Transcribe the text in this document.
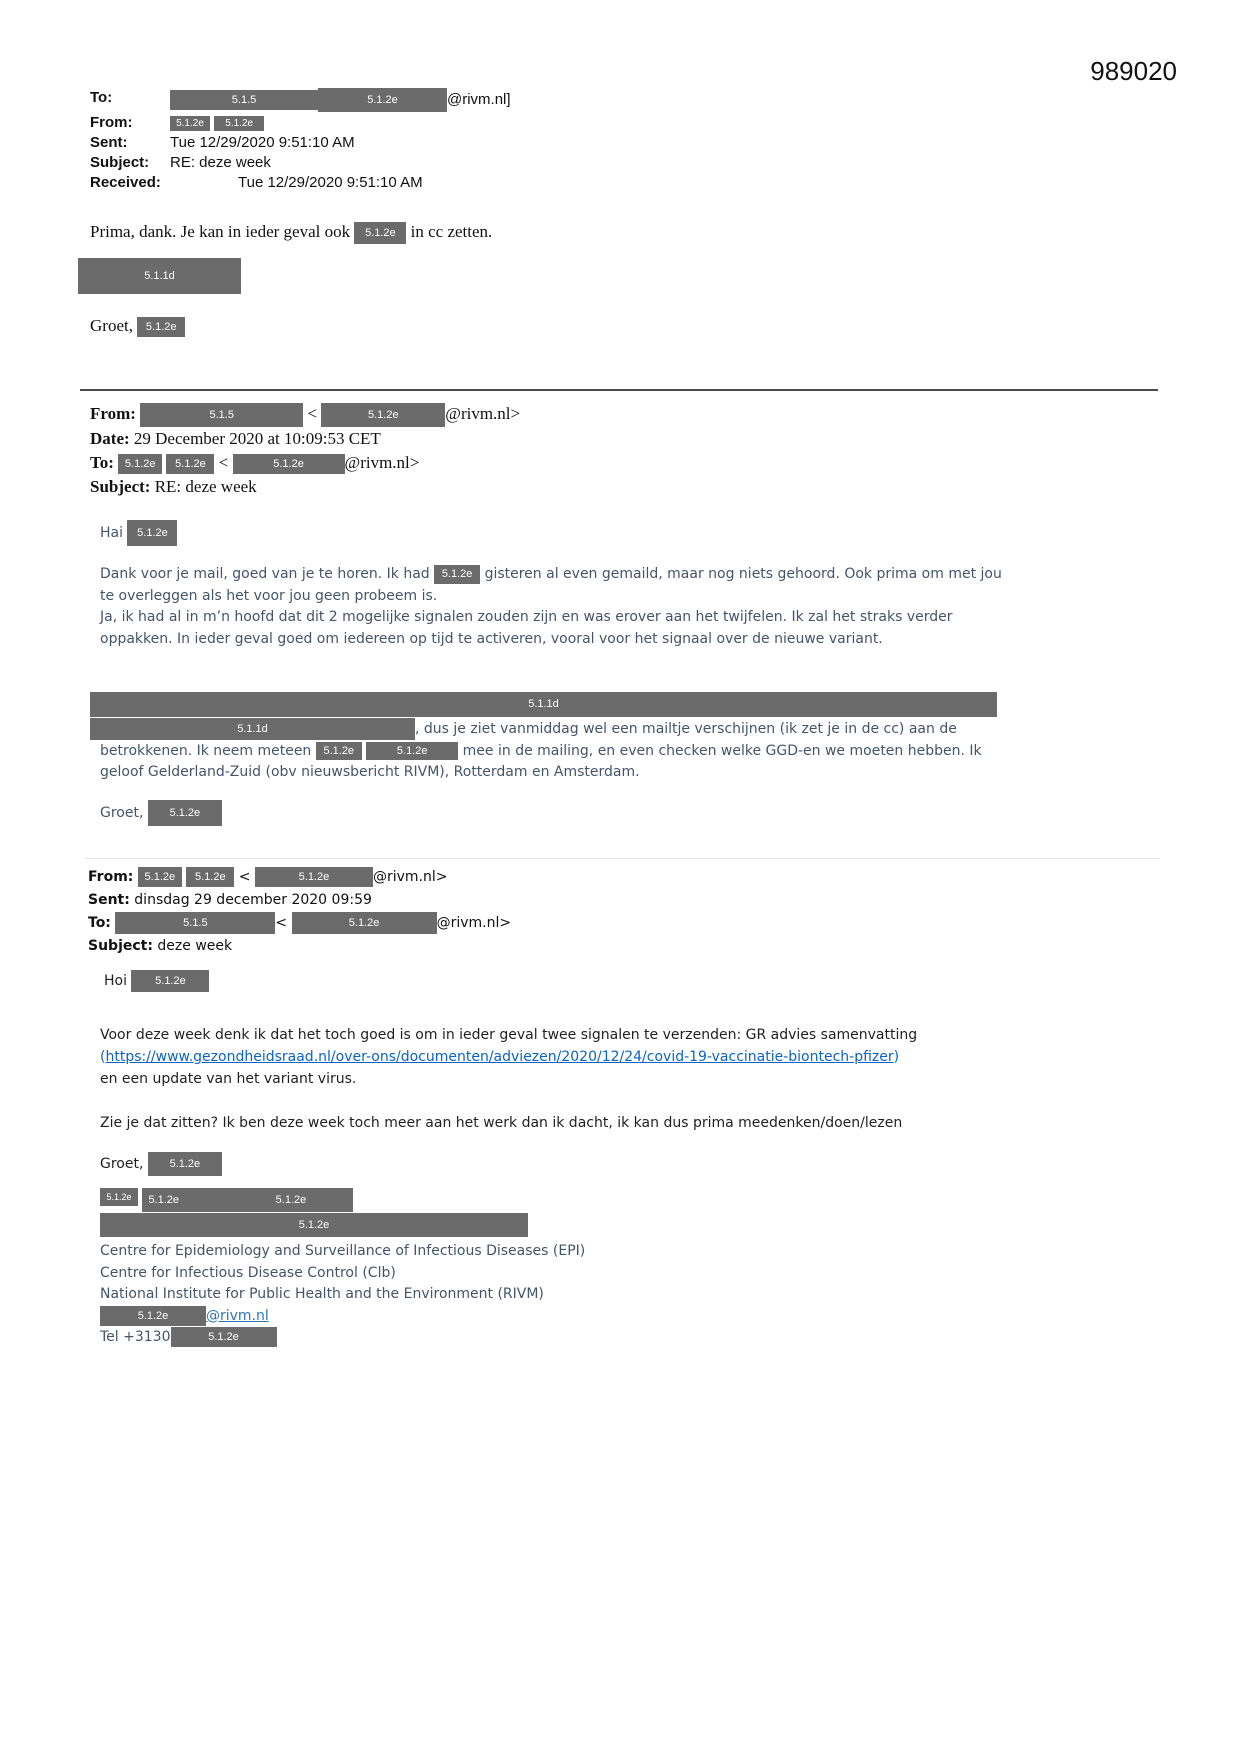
989020
To:	5.1.5	5.1.2e	@rivm.nl]
From:	5.1.2e 5.1.2e
Sent:	Tue 12/29/2020 9:51:10 AM
Subject:	RE: deze week
Received:	Tue 12/29/2020 9:51:10 AM
Prima, dank. Je kan in ieder geval ook 5.1.2e in cc zetten.
5.1.1d
Groet, 5.1.2e
From:	5.1.5	<	5.1.2e	@rivm.nl>
Date: 29 December 2020 at 10:09:53 CET
To: 5.1.2e 5.1.2e <	5.1.2e @rivm.nl>
Subject: RE: deze week
Hai 5.1.2e
Dank voor je mail, goed van je te horen. Ik had 5.1.2e gisteren al even gemaild, maar nog niets gehoord. Ook prima om met jou te overleggen als het voor jou geen probeem is.
Ja, ik had al in m’n hoofd dat dit 2 mogelijke signalen zouden zijn en was erover aan het twijfelen. Ik zal het straks verder oppakken. In ieder geval goed om iedereen op tijd te activeren, vooral voor het signaal over de nieuwe variant.
5.1.1d
5.1.1d	, dus je ziet vanmiddag wel een mailtje verschijnen (ik zet je in de cc) aan de betrokkenen. Ik neem meteen 5.1.2e	5.1.2e	mee in de mailing, en even checken welke GGD-en we moeten hebben. Ik geloof Gelderland-Zuid (obv nieuwsbericht RIVM), Rotterdam en Amsterdam.
Groet, 5.1.2e
From: 5.1.2e 5.1.2e <	5.1.2e	@rivm.nl>
Sent: dinsdag 29 december 2020 09:59
To:	5.1.5	<	5.1.2e	@rivm.nl>
Subject: deze week
Hoi	5.1.2e
Voor deze week denk ik dat het toch goed is om in ieder geval twee signalen te verzenden: GR advies samenvatting
(https://www.gezondheidsraad.nl/over-ons/documenten/adviezen/2020/12/24/covid-19-vaccinatie-biontech-pfizer)
en een update van het variant virus.
Zie je dat zitten? Ik ben deze week toch meer aan het werk dan ik dacht, ik kan dus prima meedenken/doen/lezen
Groet, 5.1.2e
5.1.2e 5.1.2e	5.1.2e
5.1.2e
Centre for Epidemiology and Surveillance of Infectious Diseases (EPI)
Centre for Infectious Disease Control (Clb)
National Institute for Public Health and the Environment (RIVM)
5.1.2e	@rivm.nl
Tel +3130	5.1.2e
